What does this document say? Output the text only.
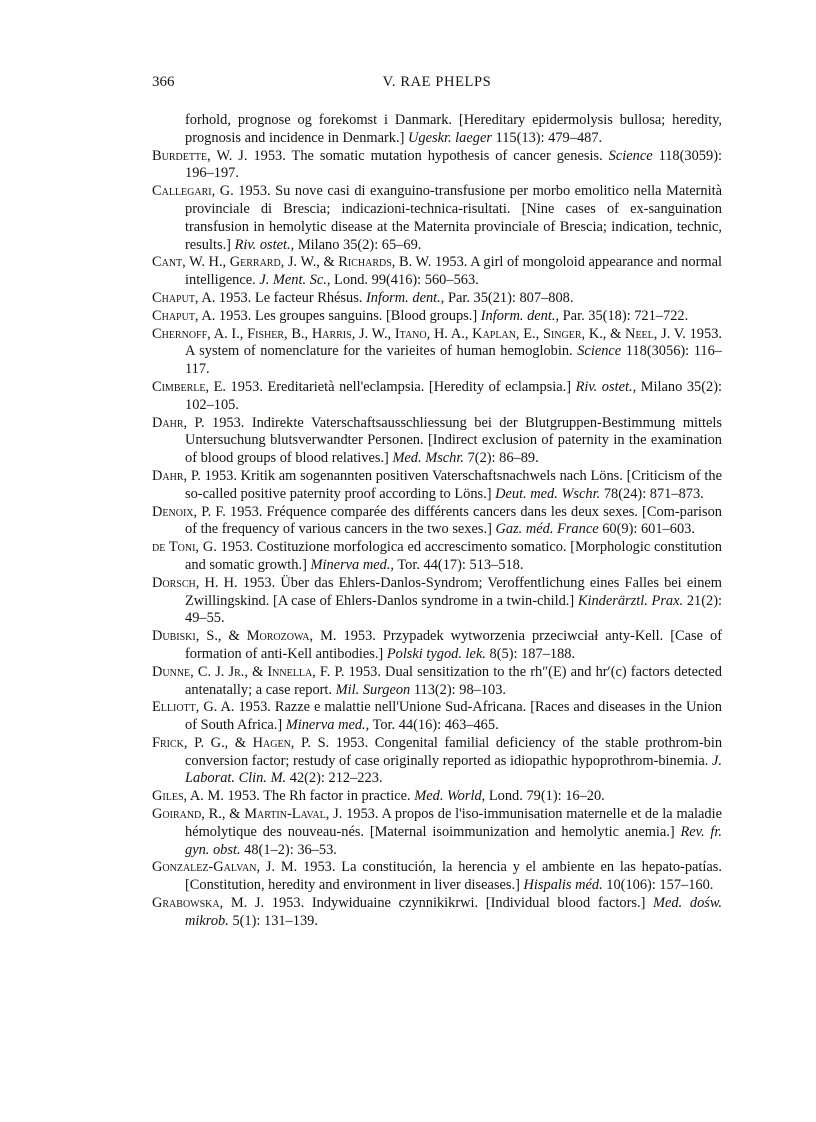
366	V. RAE PHELPS

forhold, prognose og forekomst i Danmark. [Hereditary epidermolysis bullosa; heredity, prognosis and incidence in Denmark.] Ugeskr. laeger 115(13): 479–487.

Burdette, W. J. 1953. The somatic mutation hypothesis of cancer genesis. Science 118(3059): 196–197.

Callegari, G. 1953. Su nove casi di exanguino-transfusione per morbo emolitico nella Maternità provinciale di Brescia; indicazioni-technica-risultati. [Nine cases of ex-sanguination transfusion in hemolytic disease at the Maternita provinciale of Brescia; indication, technic, results.] Riv. ostet., Milano 35(2): 65–69.

Cant, W. H., Gerrard, J. W., & Richards, B. W. 1953. A girl of mongoloid appearance and normal intelligence. J. Ment. Sc., Lond. 99(416): 560–563.

Chaput, A. 1953. Le facteur Rhésus. Inform. dent., Par. 35(21): 807–808.

Chaput, A. 1953. Les groupes sanguins. [Blood groups.] Inform. dent., Par. 35(18): 721–722.

Chernoff, A. I., Fisher, B., Harris, J. W., Itano, H. A., Kaplan, E., Singer, K., & Neel, J. V. 1953. A system of nomenclature for the varieites of human hemoglobin. Science 118(3056): 116–117.

Cimberle, E. 1953. Ereditarietà nell'eclampsia. [Heredity of eclampsia.] Riv. ostet., Milano 35(2): 102–105.

Dahr, P. 1953. Indirekte Vaterschaftsausschliessung bei der Blutgruppen-Bestimmung mittels Untersuchung blutsverwandter Personen. [Indirect exclusion of paternity in the examination of blood groups of blood relatives.] Med. Mschr. 7(2): 86–89.

Dahr, P. 1953. Kritik am sogenannten positiven Vaterschaftsnachwels nach Löns. [Criticism of the so-called positive paternity proof according to Löns.] Deut. med. Wschr. 78(24): 871–873.

Denoix, P. F. 1953. Fréquence comparée des différents cancers dans les deux sexes. [Com-parison of the frequency of various cancers in the two sexes.] Gaz. méd. France 60(9): 601–603.

de Toni, G. 1953. Costituzione morfologica ed accrescimento somatico. [Morphologic constitution and somatic growth.] Minerva med., Tor. 44(17): 513–518.

Dorsch, H. H. 1953. Über das Ehlers-Danlos-Syndrom; Veroffentlichung eines Falles bei einem Zwillingskind. [A case of Ehlers-Danlos syndrome in a twin-child.] Kinderärztl. Prax. 21(2): 49–55.

Dubiski, S., & Morozowa, M. 1953. Przypadek wytworzenia przeciwciał anty-Kell. [Case of formation of anti-Kell antibodies.] Polski tygod. lek. 8(5): 187–188.

Dunne, C. J. Jr., & Innella, F. P. 1953. Dual sensitization to the rh″(E) and hr′(c) factors detected antenatally; a case report. Mil. Surgeon 113(2): 98–103.

Elliott, G. A. 1953. Razze e malattie nell'Unione Sud-Africana. [Races and diseases in the Union of South Africa.] Minerva med., Tor. 44(16): 463–465.

Frick, P. G., & Hagen, P. S. 1953. Congenital familial deficiency of the stable prothrom-bin conversion factor; restudy of case originally reported as idiopathic hypoprothrom-binemia. J. Laborat. Clin. M. 42(2): 212–223.

Giles, A. M. 1953. The Rh factor in practice. Med. World, Lond. 79(1): 16–20.

Goirand, R., & Martin-Laval, J. 1953. A propos de l'iso-immunisation maternelle et de la maladie hémolytique des nouveau-nés. [Maternal isoimmunization and hemolytic anemia.] Rev. fr. gyn. obst. 48(1–2): 36–53.

Gonzalez-Galvan, J. M. 1953. La constitución, la herencia y el ambiente en las hepato-patías. [Constitution, heredity and environment in liver diseases.] Hispalis méd. 10(106): 157–160.

Grabowska, M. J. 1953. Indywiduaine czynnikikrwi. [Individual blood factors.] Med. dośw. mikrob. 5(1): 131–139.
